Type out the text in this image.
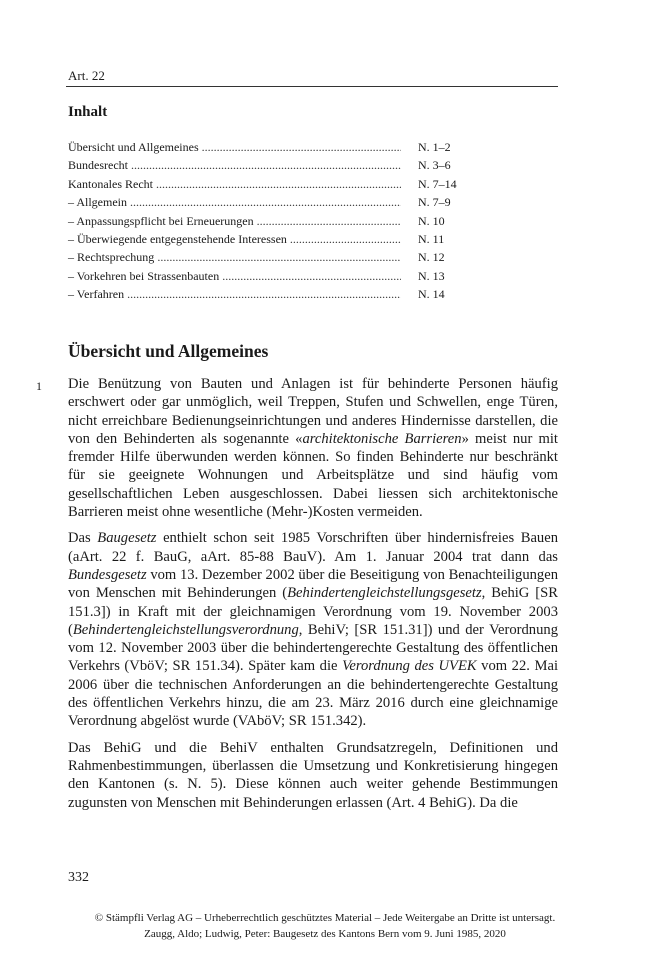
Art. 22
Inhalt
Übersicht und Allgemeines .....	N. 1–2
Bundesrecht .....	N. 3–6
Kantonales Recht .....	N. 7–14
– Allgemein .....	N. 7–9
– Anpassungspflicht bei Erneuerungen .....	N. 10
– Überwiegende entgegenstehende Interessen .....	N. 11
– Rechtsprechung .....	N. 12
– Vorkehren bei Strassenbauten .....	N. 13
– Verfahren .....	N. 14
Übersicht und Allgemeines
1 Die Benützung von Bauten und Anlagen ist für behinderte Personen häufig erschwert oder gar unmöglich, weil Treppen, Stufen und Schwellen, enge Türen, nicht erreichbare Bedienungseinrichtungen und anderes Hindernisse darstellen, die von den Behinderten als sogenannte «architektonische Barrieren» meist nur mit fremder Hilfe überwunden werden können. So finden Behinderte nur beschränkt für sie geeignete Wohnungen und Arbeitsplätze und sind häufig vom gesellschaftlichen Leben ausgeschlossen. Dabei liessen sich architektonische Barrieren meist ohne wesentliche (Mehr-)Kosten vermeiden.

Das Baugesetz enthielt schon seit 1985 Vorschriften über hindernisfreies Bauen (aArt. 22 f. BauG, aArt. 85-88 BauV). Am 1. Januar 2004 trat dann das Bundesgesetz vom 13. Dezember 2002 über die Beseitigung von Benachteiligungen von Menschen mit Behinderungen (Behindertengleichstellungsgesetz, BehiG [SR 151.3]) in Kraft mit der gleichnamigen Verordnung vom 19. November 2003 (Behindertengleichstellungsverordnung, BehiV; [SR 151.31]) und der Verordnung vom 12. November 2003 über die behindertengerechte Gestaltung des öffentlichen Verkehrs (VböV; SR 151.34). Später kam die Verordnung des UVEK vom 22. Mai 2006 über die technischen Anforderungen an die behindertengerechte Gestaltung des öffentlichen Verkehrs hinzu, die am 23. März 2016 durch eine gleichnamige Verordnung abgelöst wurde (VAböV; SR 151.342).

Das BehiG und die BehiV enthalten Grundsatzregeln, Definitionen und Rahmenbestimmungen, überlassen die Umsetzung und Konkretisierung hingegen den Kantonen (s. N. 5). Diese können auch weiter gehende Bestimmungen zugunsten von Menschen mit Behinderungen erlassen (Art. 4 BehiG). Da die

332
© Stämpfli Verlag AG – Urheberrechtlich geschütztes Material – Jede Weitergabe an Dritte ist untersagt.
Zaugg, Aldo; Ludwig, Peter: Baugesetz des Kantons Bern vom 9. Juni 1985, 2020
